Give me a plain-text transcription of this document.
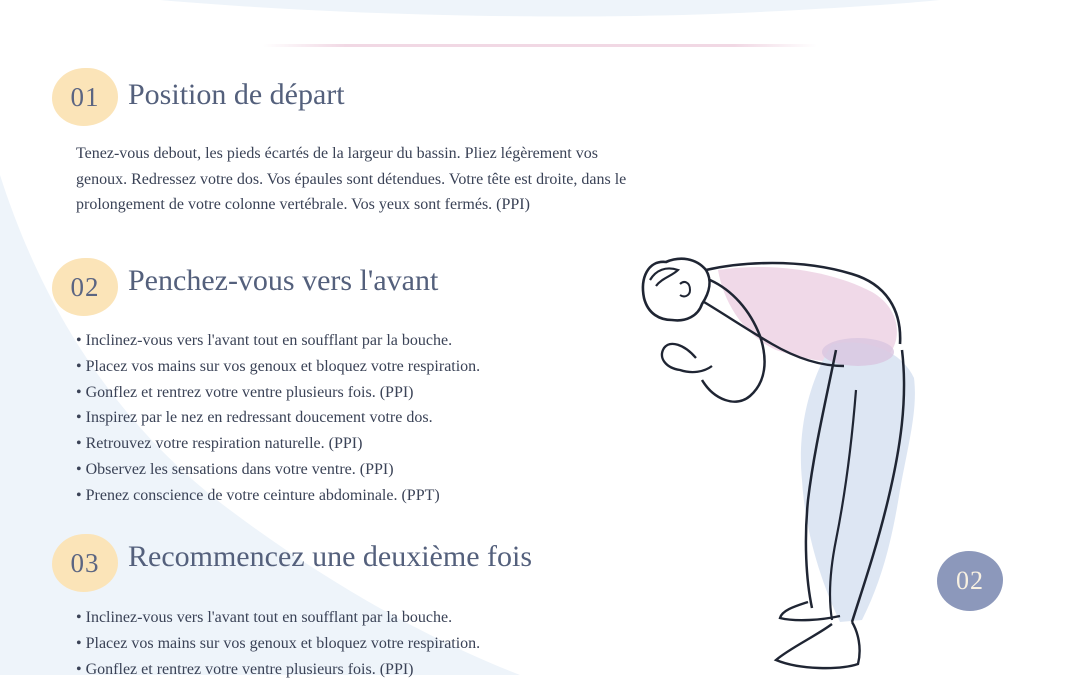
01 Position de départ

Tenez-vous debout, les pieds écartés de la largeur du bassin. Pliez légèrement vos genoux. Redressez votre dos. Vos épaules sont détendues. Votre tête est droite, dans le prolongement de votre colonne vertébrale. Vos yeux sont fermés. (PPI)

02 Penchez-vous vers l'avant
• Inclinez-vous vers l'avant tout en soufflant par la bouche.
• Placez vos mains sur vos genoux et bloquez votre respiration.
• Gonflez et rentrez votre ventre plusieurs fois. (PPI)
• Inspirez par le nez en redressant doucement votre dos.
• Retrouvez votre respiration naturelle. (PPI)
• Observez les sensations dans votre ventre. (PPI)
• Prenez conscience de votre ceinture abdominale. (PPT)
03 Recommencez une deuxième fois
• Inclinez-vous vers l'avant tout en soufflant par la bouche.
• Placez vos mains sur vos genoux et bloquez votre respiration.
• Gonflez et rentrez votre ventre plusieurs fois. (PPI)
02
